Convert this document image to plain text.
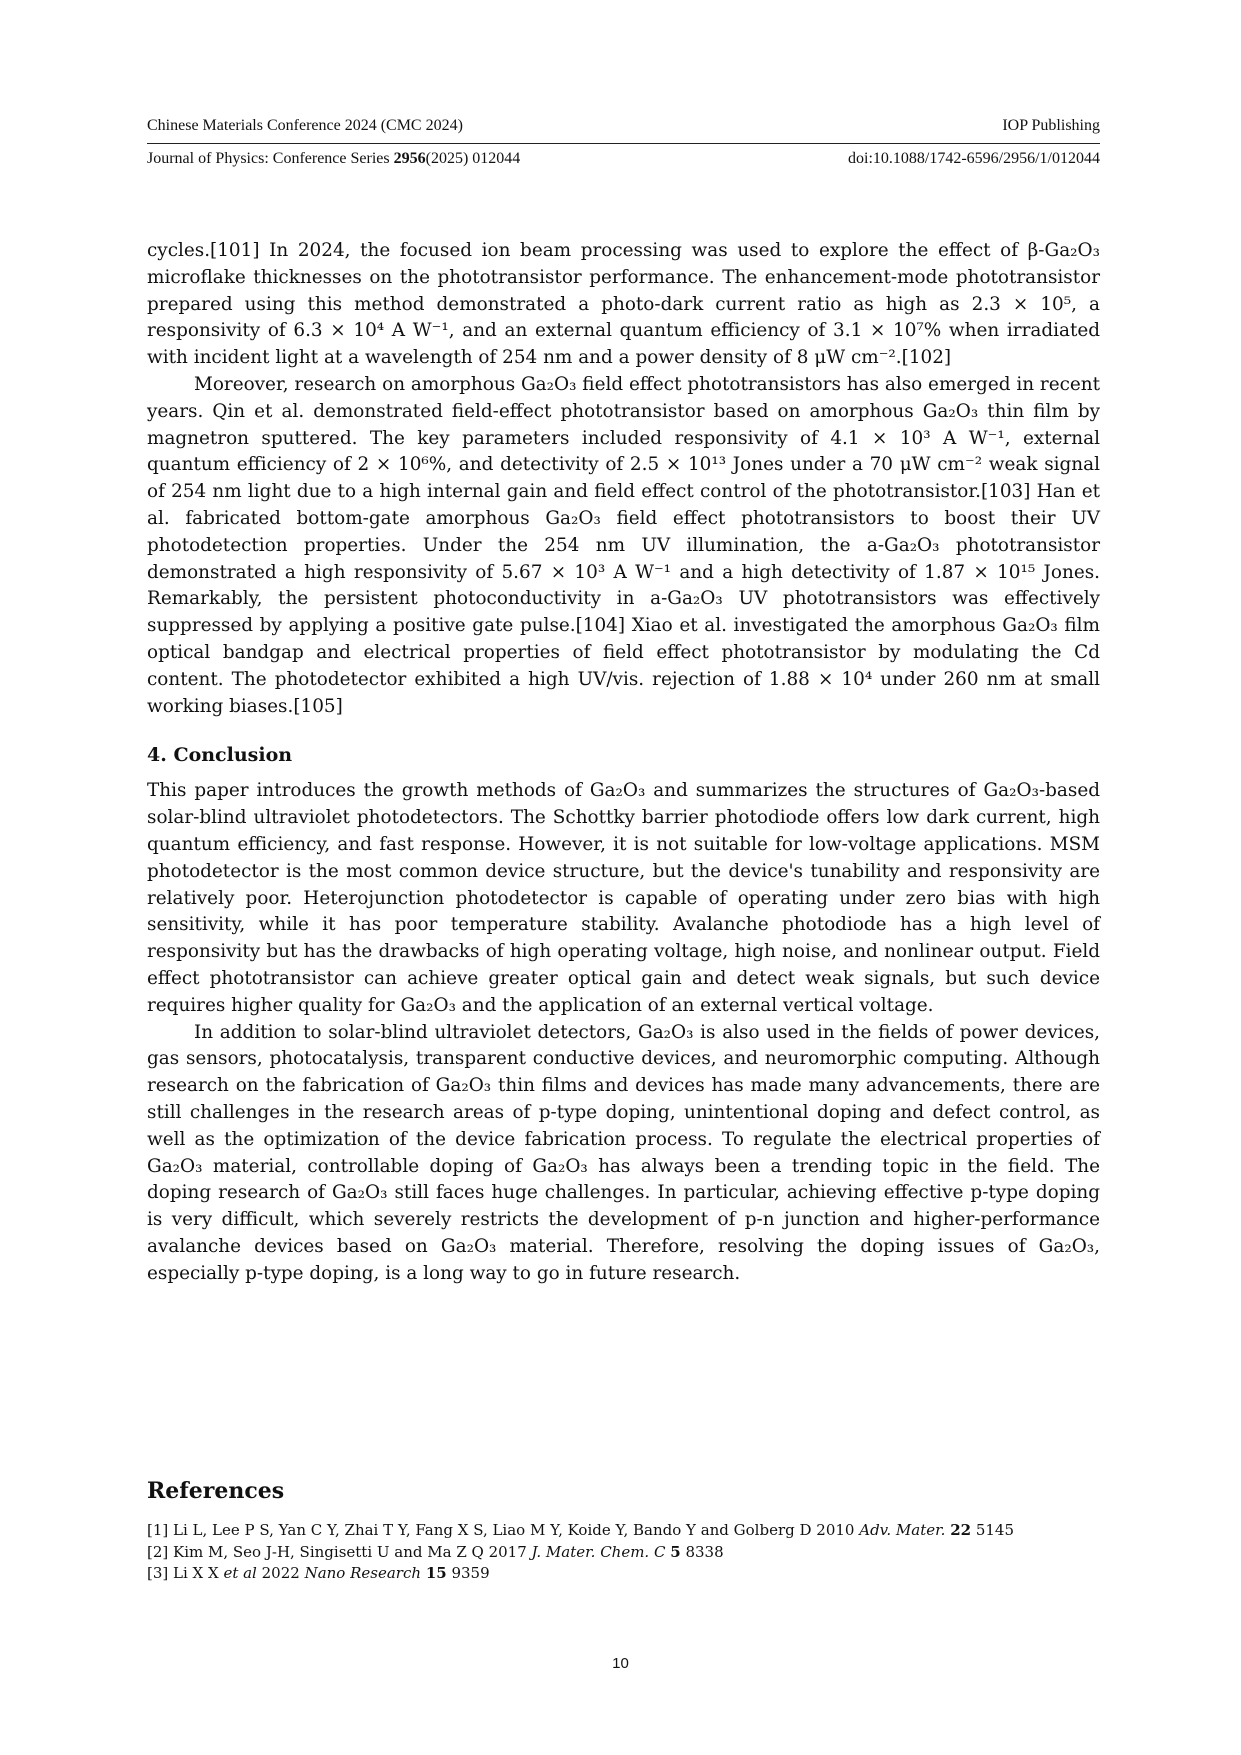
Chinese Materials Conference 2024 (CMC 2024)	IOP Publishing
Journal of Physics: Conference Series 2956(2025) 012044	doi:10.1088/1742-6596/2956/1/012044

cycles.[101] In 2024, the focused ion beam processing was used to explore the effect of β-Ga₂O₃ microflake thicknesses on the phototransistor performance. The enhancement-mode phototransistor prepared using this method demonstrated a photo-dark current ratio as high as 2.3 × 10⁵, a responsivity of 6.3 × 10⁴ A W⁻¹, and an external quantum efficiency of 3.1 × 10⁷% when irradiated with incident light at a wavelength of 254 nm and a power density of 8 μW cm⁻².[102]

Moreover, research on amorphous Ga₂O₃ field effect phototransistors has also emerged in recent years. Qin et al. demonstrated field-effect phototransistor based on amorphous Ga₂O₃ thin film by magnetron sputtered. The key parameters included responsivity of 4.1 × 10³ A W⁻¹, external quantum efficiency of 2 × 10⁶%, and detectivity of 2.5 × 10¹³ Jones under a 70 μW cm⁻² weak signal of 254 nm light due to a high internal gain and field effect control of the phototransistor.[103] Han et al. fabricated bottom-gate amorphous Ga₂O₃ field effect phototransistors to boost their UV photodetection properties. Under the 254 nm UV illumination, the a-Ga₂O₃ phototransistor demonstrated a high responsivity of 5.67 × 10³ A W⁻¹ and a high detectivity of 1.87 × 10¹⁵ Jones. Remarkably, the persistent photoconductivity in a-Ga₂O₃ UV phototransistors was effectively suppressed by applying a positive gate pulse.[104] Xiao et al. investigated the amorphous Ga₂O₃ film optical bandgap and electrical properties of field effect phototransistor by modulating the Cd content. The photodetector exhibited a high UV/vis. rejection of 1.88 × 10⁴ under 260 nm at small working biases.[105]

4. Conclusion

This paper introduces the growth methods of Ga₂O₃ and summarizes the structures of Ga₂O₃-based solar-blind ultraviolet photodetectors. The Schottky barrier photodiode offers low dark current, high quantum efficiency, and fast response. However, it is not suitable for low-voltage applications. MSM photodetector is the most common device structure, but the device's tunability and responsivity are relatively poor. Heterojunction photodetector is capable of operating under zero bias with high sensitivity, while it has poor temperature stability. Avalanche photodiode has a high level of responsivity but has the drawbacks of high operating voltage, high noise, and nonlinear output. Field effect phototransistor can achieve greater optical gain and detect weak signals, but such device requires higher quality for Ga₂O₃ and the application of an external vertical voltage.

In addition to solar-blind ultraviolet detectors, Ga₂O₃ is also used in the fields of power devices, gas sensors, photocatalysis, transparent conductive devices, and neuromorphic computing. Although research on the fabrication of Ga₂O₃ thin films and devices has made many advancements, there are still challenges in the research areas of p-type doping, unintentional doping and defect control, as well as the optimization of the device fabrication process. To regulate the electrical properties of Ga₂O₃ material, controllable doping of Ga₂O₃ has always been a trending topic in the field. The doping research of Ga₂O₃ still faces huge challenges. In particular, achieving effective p-type doping is very difficult, which severely restricts the development of p-n junction and higher-performance avalanche devices based on Ga₂O₃ material. Therefore, resolving the doping issues of Ga₂O₃, especially p-type doping, is a long way to go in future research.

References
[1] Li L, Lee P S, Yan C Y, Zhai T Y, Fang X S, Liao M Y, Koide Y, Bando Y and Golberg D 2010 Adv. Mater. 22 5145
[2] Kim M, Seo J-H, Singisetti U and Ma Z Q 2017 J. Mater. Chem. C 5 8338
[3] Li X X et al 2022 Nano Research 15 9359
10
